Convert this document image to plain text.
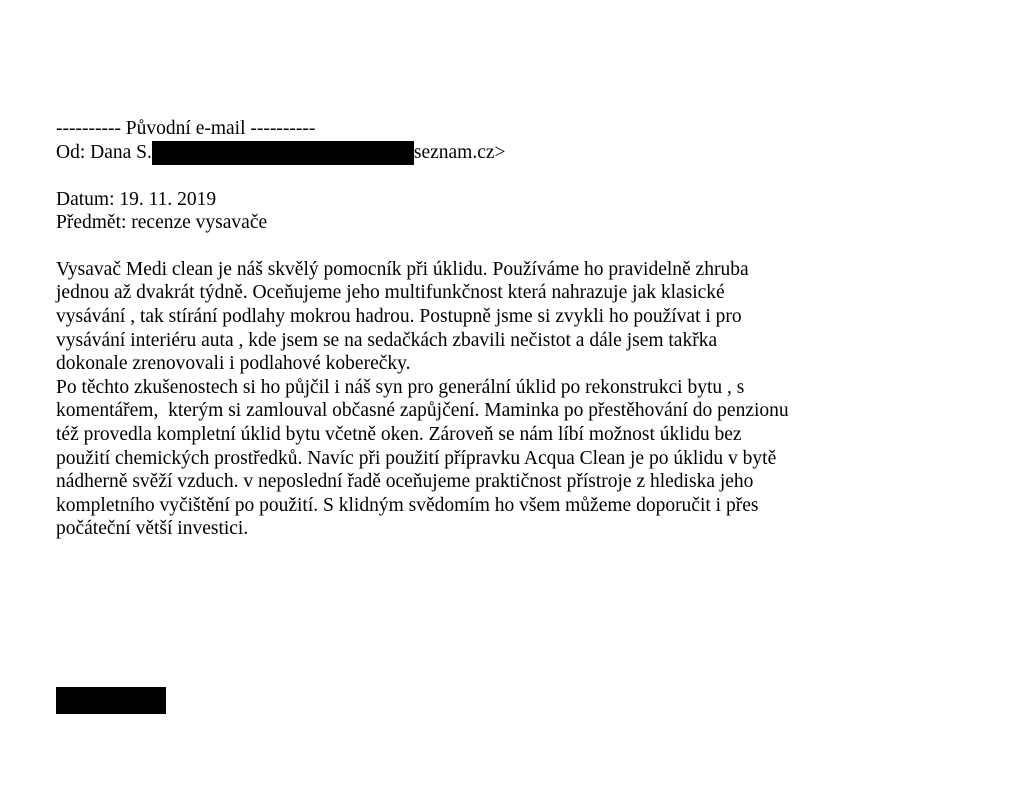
---------- Původní e-mail ----------
Od: Dana S.	seznam.cz>
Datum: 19. 11. 2019
Předmět: recenze vysavače
Vysavač Medi clean je náš skvělý pomocník při úklidu. Používáme ho pravidelně zhruba
jednou až dvakrát týdně. Oceňujeme jeho multifunkčnost která nahrazuje jak klasické
vysávání , tak stírání podlahy mokrou hadrou. Postupně jsme si zvykli ho používat i pro
vysávání interiéru auta , kde jsem se na sedačkách zbavili nečistot a dále jsem takřka
dokonale zrenovovali i podlahové koberečky.
Po těchto zkušenostech si ho půjčil i náš syn pro generální úklid po rekonstrukci bytu , s
komentářem,  kterým si zamlouval občasné zapůjčení. Maminka po přestěhování do penzionu
též provedla kompletní úklid bytu včetně oken. Zároveň se nám líbí možnost úklidu bez
použití chemických prostředků. Navíc při použití přípravku Acqua Clean je po úklidu v bytě
nádherně svěží vzduch. v neposlední řadě oceňujeme praktičnost přístroje z hlediska jeho
kompletního vyčištění po použití. S klidným svědomím ho všem můžeme doporučit i přes
počáteční větší investici.
